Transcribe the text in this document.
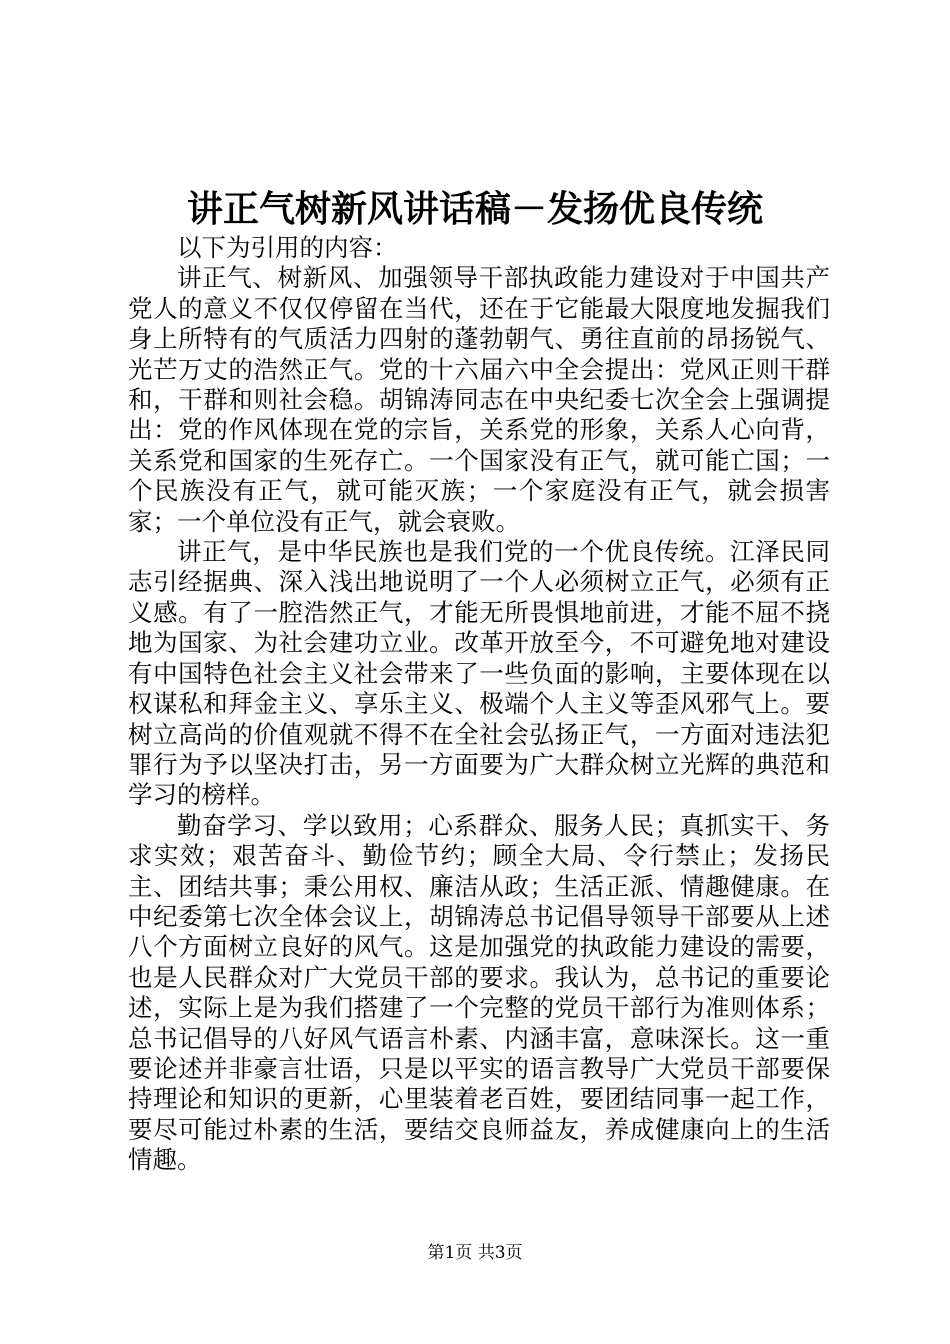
讲正气树新风讲话稿－发扬优良传统

以下为引用的内容：

讲正气、树新风、加强领导干部执政能力建设对于中国共产党人的意义不仅仅停留在当代，还在于它能最大限度地发掘我们身上所特有的气质活力四射的蓬勃朝气、勇往直前的昂扬锐气、光芒万丈的浩然正气。党的十六届六中全会提出：党风正则干群和，干群和则社会稳。胡锦涛同志在中央纪委七次全会上强调提出：党的作风体现在党的宗旨，关系党的形象，关系人心向背，关系党和国家的生死存亡。一个国家没有正气，就可能亡国；一个民族没有正气，就可能灭族；一个家庭没有正气，就会损害家；一个单位没有正气，就会衰败。

讲正气，是中华民族也是我们党的一个优良传统。江泽民同志引经据典、深入浅出地说明了一个人必须树立正气，必须有正义感。有了一腔浩然正气，才能无所畏惧地前进，才能不屈不挠地为国家、为社会建功立业。改革开放至今，不可避免地对建设有中国特色社会主义社会带来了一些负面的影响，主要体现在以权谋私和拜金主义、享乐主义、极端个人主义等歪风邪气上。要树立高尚的价值观就不得不在全社会弘扬正气，一方面对违法犯罪行为予以坚决打击，另一方面要为广大群众树立光辉的典范和学习的榜样。

勤奋学习、学以致用；心系群众、服务人民；真抓实干、务求实效；艰苦奋斗、勤俭节约；顾全大局、令行禁止；发扬民主、团结共事；秉公用权、廉洁从政；生活正派、情趣健康。在中纪委第七次全体会议上，胡锦涛总书记倡导领导干部要从上述八个方面树立良好的风气。这是加强党的执政能力建设的需要，也是人民群众对广大党员干部的要求。我认为，总书记的重要论述，实际上是为我们搭建了一个完整的党员干部行为准则体系；总书记倡导的八好风气语言朴素、内涵丰富，意味深长。这一重要论述并非豪言壮语，只是以平实的语言教导广大党员干部要保持理论和知识的更新，心里装着老百姓，要团结同事一起工作，要尽可能过朴素的生活，要结交良师益友，养成健康向上的生活情趣。

第1页 共3页
